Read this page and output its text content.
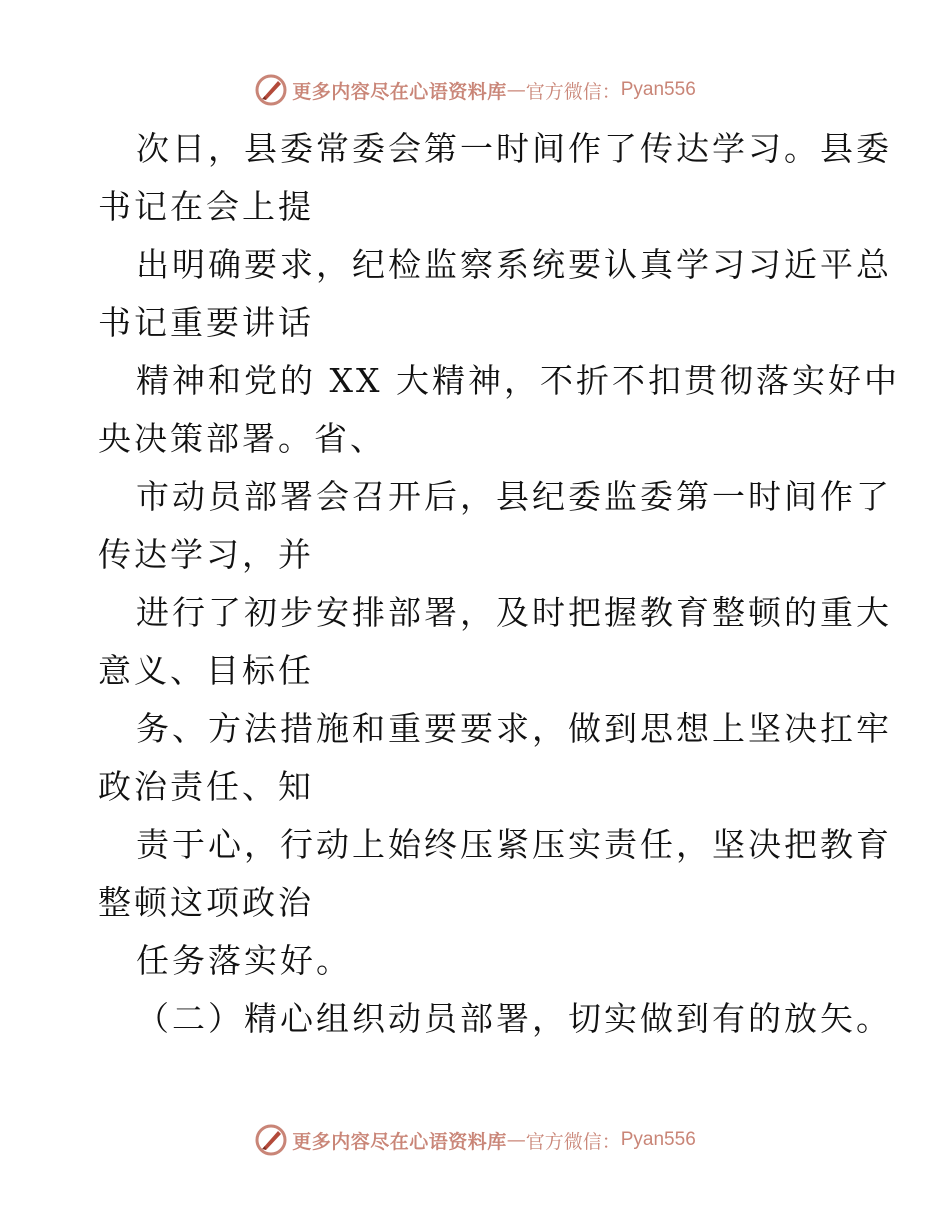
更多内容尽在心语资料库 — 官方微信： Pyan556
次日，县委常委会第一时间作了传达学习。县委
书记在会上提
出明确要求，纪检监察系统要认真学习习近平总
书记重要讲话
精神和党的 XX 大精神，不折不扣贯彻落实好中
央决策部署。省、
市动员部署会召开后，县纪委监委第一时间作了
传达学习，并
进行了初步安排部署，及时把握教育整顿的重大
意义、目标任
务、方法措施和重要要求，做到思想上坚决扛牢
政治责任、知
责于心，行动上始终压紧压实责任，坚决把教育
整顿这项政治
任务落实好。
（二）精心组织动员部署，切实做到有的放矢。
更多内容尽在心语资料库 — 官方微信： Pyan556
